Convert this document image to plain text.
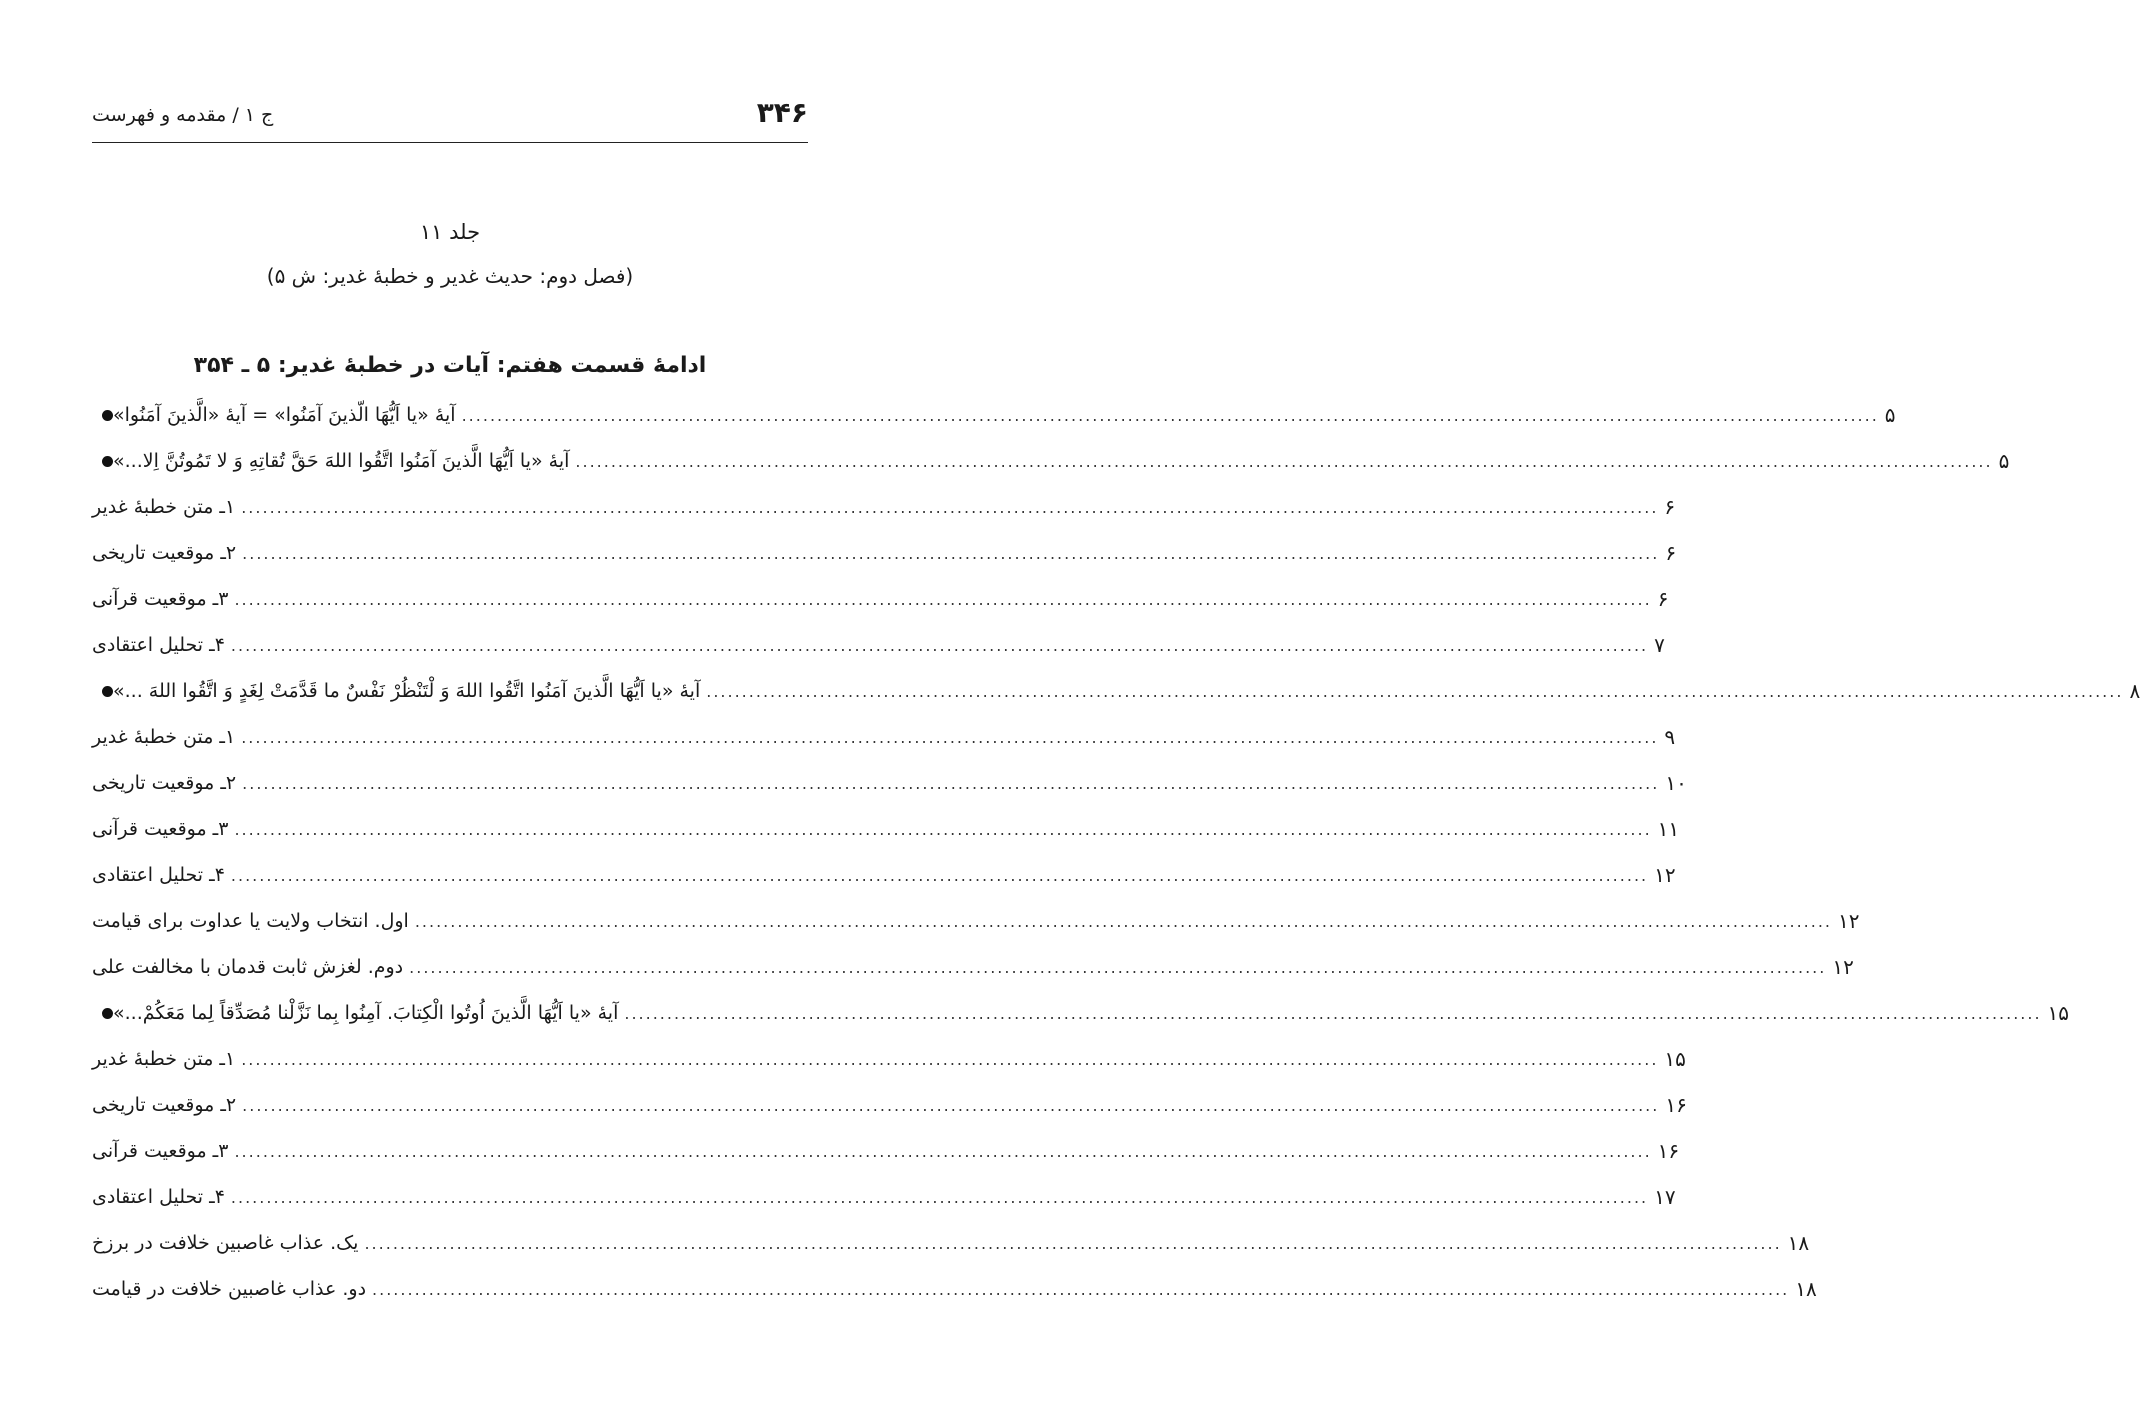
۳۴۶
ج ۱ / مقدمه و فهرست
جلد ۱۱
(فصل دوم: حدیث غدیر و خطبهٔ غدیر: ش ۵)
ادامهٔ قسمت هفتم: آیات در خطبهٔ غدیر: ۵ ـ ۳۵۴
آیهٔ «یا اَیُّهَا الّذینَ آمَنُوا» = آیهٔ «الَّذینَ آمَنُوا» ........................................................................................................................................................................................................ ۵
آیهٔ «یا اَیُّهَا الَّذینَ آمَنُوا اتَّقُوا اللهَ حَقَّ تُقاتِهِ وَ لا تَمُوتُنَّ اِلا...» ........................................................................................................................................................................................................ ۵
۱ـ متن خطبهٔ غدیر ........................................................................................................................................................................................................ ۶
۲ـ موقعیت تاریخی ........................................................................................................................................................................................................ ۶
۳ـ موقعیت قرآنی ........................................................................................................................................................................................................ ۶
۴ـ تحلیل اعتقادی ........................................................................................................................................................................................................ ۷
آیهٔ «یا اَیُّهَا الَّذینَ آمَنُوا اتَّقُوا اللهَ وَ لْتَنْظُرْ نَفْسٌ ما قَدَّمَتْ لِغَدٍ وَ اتَّقُوا اللهَ ...» ........................................................................................................................................................................................................ ۸
۱ـ متن خطبهٔ غدیر ........................................................................................................................................................................................................ ۹
۲ـ موقعیت تاریخی ........................................................................................................................................................................................................ ۱۰
۳ـ موقعیت قرآنی ........................................................................................................................................................................................................ ۱۱
۴ـ تحلیل اعتقادی ........................................................................................................................................................................................................ ۱۲
اول. انتخاب ولایت یا عداوت برای قیامت ........................................................................................................................................................................................................ ۱۲
دوم. لغزش ثابت قدمان با مخالفت علی ........................................................................................................................................................................................................ ۱۲
آیهٔ «یا اَیُّهَا الَّذینَ اُوتُوا الْکِتابَ. آمِنُوا بِما نَزَّلْنا مُصَدِّقاً لِما مَعَکُمْ...» ........................................................................................................................................................................................................ ۱۵
۱ـ متن خطبهٔ غدیر ........................................................................................................................................................................................................ ۱۵
۲ـ موقعیت تاریخی ........................................................................................................................................................................................................ ۱۶
۳ـ موقعیت قرآنی ........................................................................................................................................................................................................ ۱۶
۴ـ تحلیل اعتقادی ........................................................................................................................................................................................................ ۱۷
یک. عذاب غاصبین خلافت در برزخ ........................................................................................................................................................................................................ ۱۸
دو. عذاب غاصبین خلافت در قیامت ........................................................................................................................................................................................................ ۱۸
